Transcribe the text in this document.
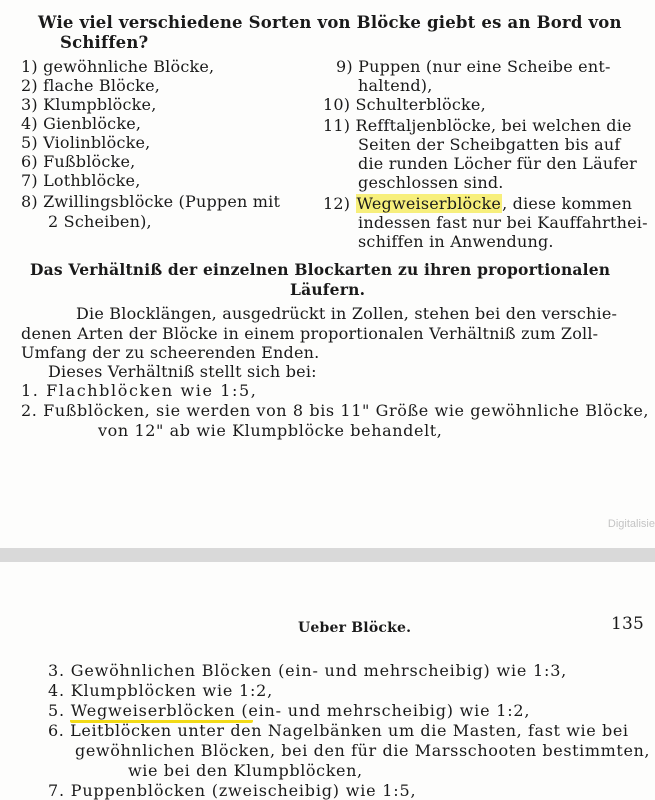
Wie viel verschiedene Sorten von Blöcke giebt es an Bord von
Schiffen?
1) gewöhnliche Blöcke,
2) flache Blöcke,
3) Klumpblöcke,
4) Gienblöcke,
5) Violinblöcke,
6) Fußblöcke,
7) Lothblöcke,
8) Zwillingsblöcke (Puppen mit
2 Scheiben),
9) Puppen (nur eine Scheibe ent-
haltend),
10) Schulterblöcke,
11) Refftaljenblöcke, bei welchen die
Seiten der Scheibgatten bis auf
die runden Löcher für den Läufer
geschlossen sind.
12) Wegweiserblöcke, diese kommen
indessen fast nur bei Kauffahrthei-
schiffen in Anwendung.
Das Verhältniß der einzelnen Blockarten zu ihren proportionalen
Läufern.
Die Blocklängen, ausgedrückt in Zollen, stehen bei den verschie-
denen Arten der Blöcke in einem proportionalen Verhältniß zum Zoll-
Umfang der zu scheerenden Enden.
Dieses Verhältniß stellt sich bei:
1. Flachblöcken wie 1:5,
2. Fußblöcken, sie werden von 8 bis 11" Größe wie gewöhnliche Blöcke,
von 12" ab wie Klumpblöcke behandelt,
Digitalisie
Ueber Blöcke.	135
3. Gewöhnlichen Blöcken (ein- und mehrscheibig) wie 1:3,
4. Klumpblöcken wie 1:2,
5. Wegweiserblöcken (ein- und mehrscheibig) wie 1:2,
6. Leitblöcken unter den Nagelbänken um die Masten, fast wie bei
gewöhnlichen Blöcken, bei den für die Marsschooten bestimmten,
wie bei den Klumpblöcken,
7. Puppenblöcken (zweischeibig) wie 1:5,
